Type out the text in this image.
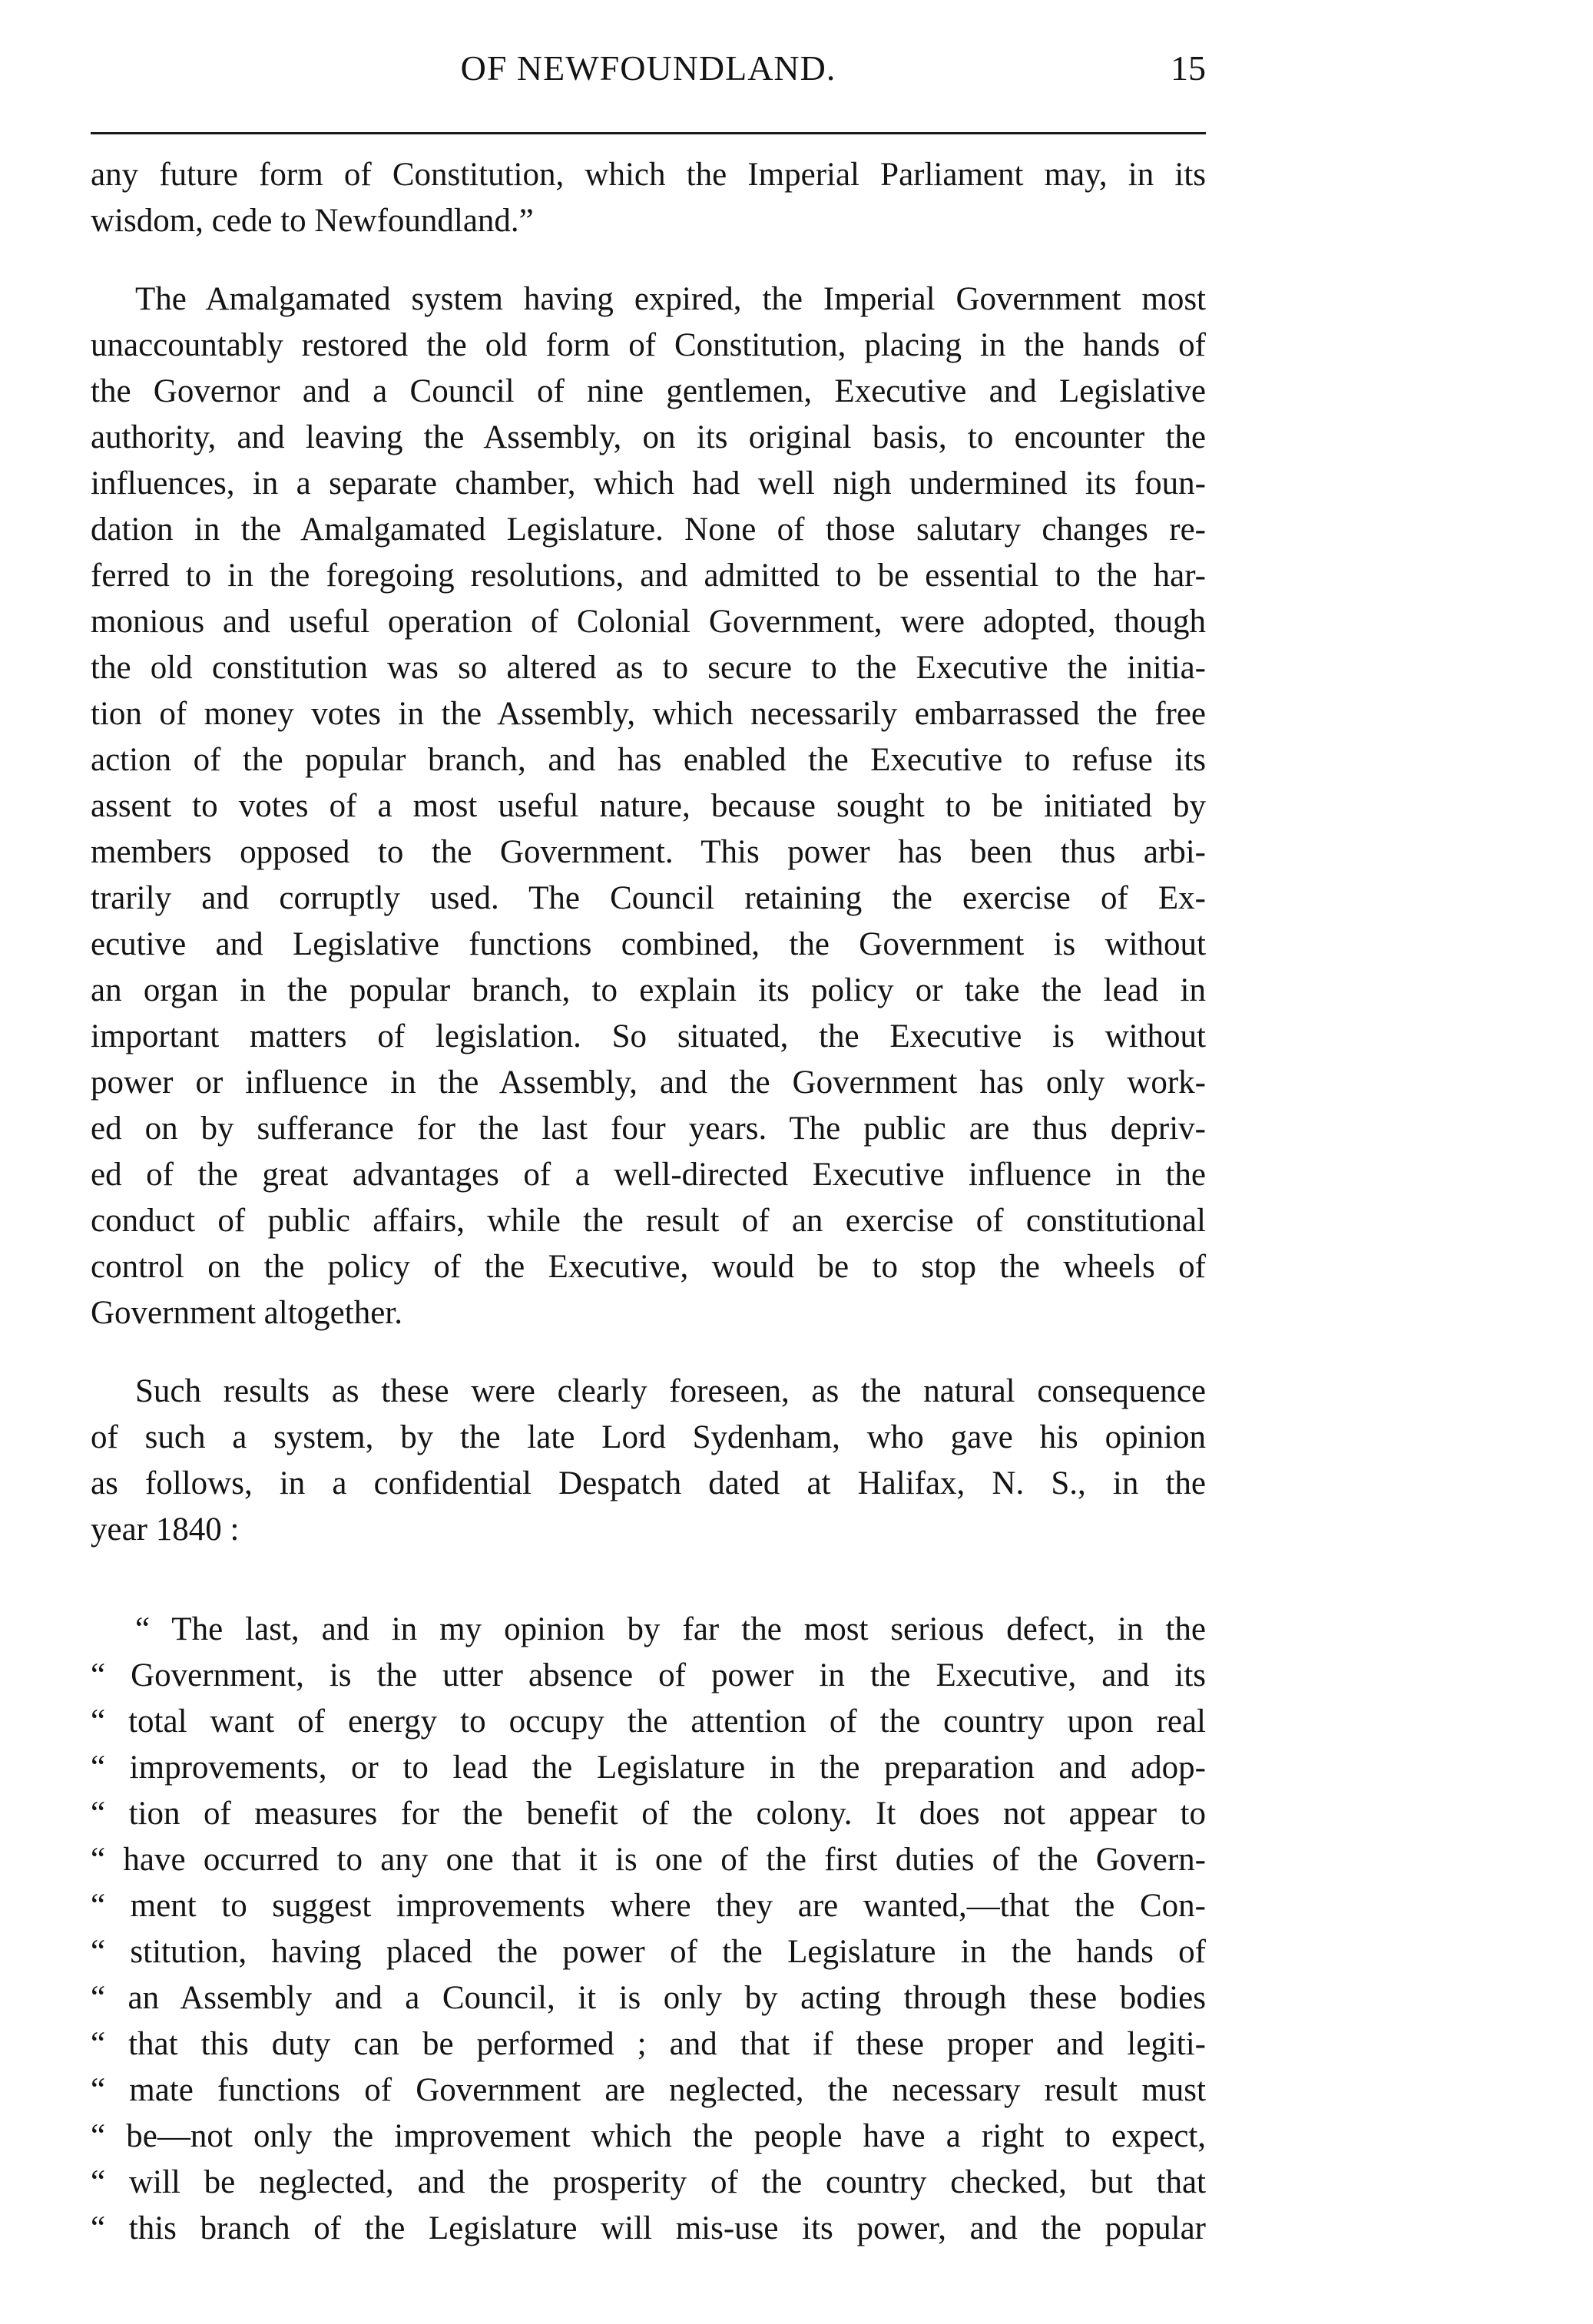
OF NEWFOUNDLAND.	15
any future form of Constitution, which the Imperial Parliament may, in its
wisdom, cede to Newfoundland.”
The Amalgamated system having expired, the Imperial Government most
unaccountably restored the old form of Constitution, placing in the hands of
the Governor and a Council of nine gentlemen, Executive and Legislative
authority, and leaving the Assembly, on its original basis, to encounter the
influences, in a separate chamber, which had well nigh undermined its foun-
dation in the Amalgamated Legislature. None of those salutary changes re-
ferred to in the foregoing resolutions, and admitted to be essential to the har-
monious and useful operation of Colonial Government, were adopted, though
the old constitution was so altered as to secure to the Executive the initia-
tion of money votes in the Assembly, which necessarily embarrassed the free
action of the popular branch, and has enabled the Executive to refuse its
assent to votes of a most useful nature, because sought to be initiated by
members opposed to the Government. This power has been thus arbi-
trarily and corruptly used. The Council retaining the exercise of Ex-
ecutive and Legislative functions combined, the Government is without
an organ in the popular branch, to explain its policy or take the lead in
important matters of legislation. So situated, the Executive is without
power or influence in the Assembly, and the Government has only work-
ed on by sufferance for the last four years. The public are thus depriv-
ed of the great advantages of a well-directed Executive influence in the
conduct of public affairs, while the result of an exercise of constitutional
control on the policy of the Executive, would be to stop the wheels of
Government altogether.
Such results as these were clearly foreseen, as the natural consequence
of such a system, by the late Lord Sydenham, who gave his opinion
as follows, in a confidential Despatch dated at Halifax, N. S., in the
year 1840 :
“ The last, and in my opinion by far the most serious defect, in the
“ Government, is the utter absence of power in the Executive, and its
“ total want of energy to occupy the attention of the country upon real
“ improvements, or to lead the Legislature in the preparation and adop-
“ tion of measures for the benefit of the colony. It does not appear to
“ have occurred to any one that it is one of the first duties of the Govern-
“ ment to suggest improvements where they are wanted,—that the Con-
“ stitution, having placed the power of the Legislature in the hands of
“ an Assembly and a Council, it is only by acting through these bodies
“ that this duty can be performed ; and that if these proper and legiti-
“ mate functions of Government are neglected, the necessary result must
“ be—not only the improvement which the people have a right to expect,
“ will be neglected, and the prosperity of the country checked, but that
“ this branch of the Legislature will mis-use its power, and the popular
